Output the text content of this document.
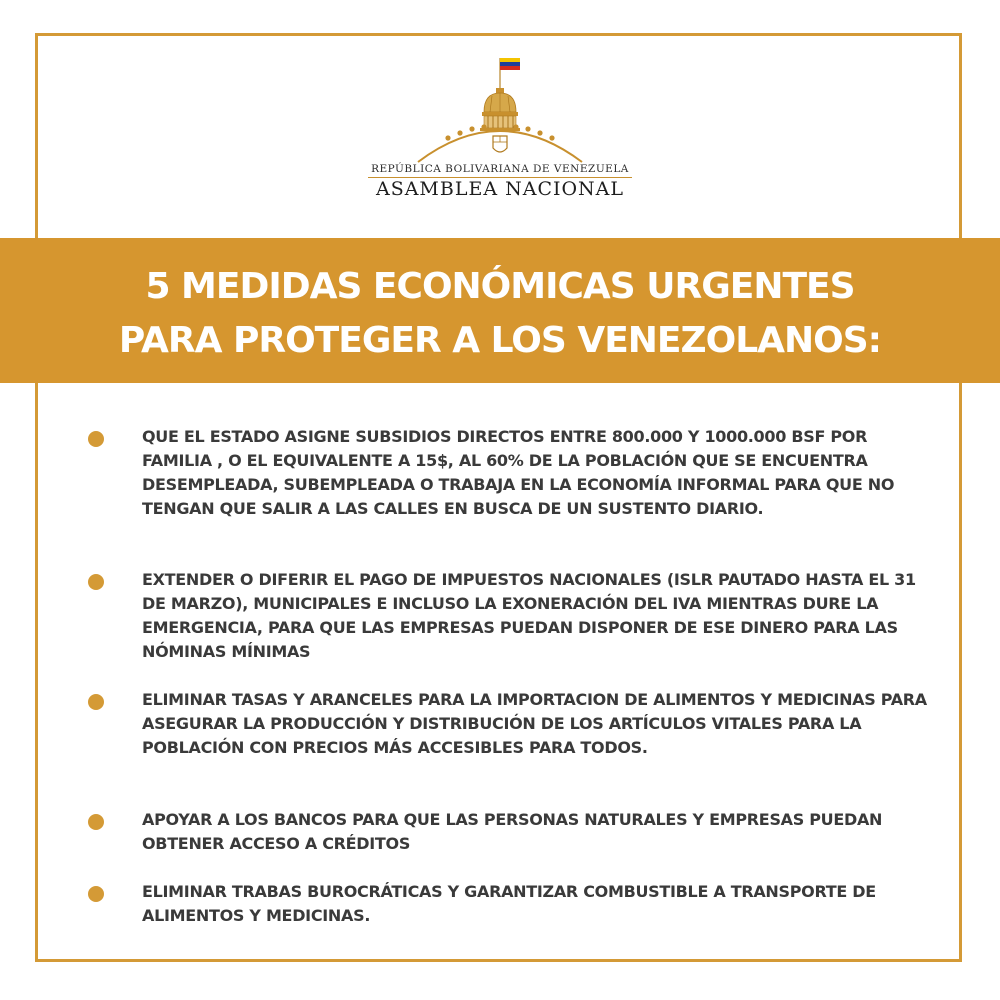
REPÚBLICA BOLIVARIANA DE VENEZUELA
ASAMBLEA NACIONAL
5 MEDIDAS ECONÓMICAS URGENTES
PARA PROTEGER A LOS VENEZOLANOS:
QUE EL ESTADO ASIGNE SUBSIDIOS DIRECTOS ENTRE 800.000 Y 1000.000 BSF POR FAMILIA , O EL EQUIVALENTE A 15$, AL 60% DE LA POBLACIÓN QUE SE ENCUENTRA DESEMPLEADA, SUBEMPLEADA O TRABAJA EN LA ECONOMÍA INFORMAL PARA QUE NO TENGAN QUE SALIR A LAS CALLES EN BUSCA DE UN SUSTENTO DIARIO.
EXTENDER O DIFERIR EL PAGO DE IMPUESTOS NACIONALES (ISLR PAUTADO HASTA EL 31 DE MARZO), MUNICIPALES E INCLUSO LA EXONERACIÓN DEL IVA MIENTRAS DURE LA EMERGENCIA, PARA QUE LAS EMPRESAS PUEDAN DISPONER DE ESE DINERO PARA LAS NÓMINAS MÍNIMAS
ELIMINAR TASAS Y ARANCELES PARA LA IMPORTACION DE ALIMENTOS Y MEDICINAS PARA ASEGURAR LA PRODUCCIÓN Y DISTRIBUCIÓN DE LOS ARTÍCULOS VITALES PARA LA POBLACIÓN CON PRECIOS MÁS ACCESIBLES PARA TODOS.
APOYAR A LOS BANCOS PARA QUE LAS PERSONAS NATURALES Y EMPRESAS PUEDAN OBTENER ACCESO A CRÉDITOS
ELIMINAR TRABAS BUROCRÁTICAS Y GARANTIZAR COMBUSTIBLE A TRANSPORTE DE ALIMENTOS Y MEDICINAS.
